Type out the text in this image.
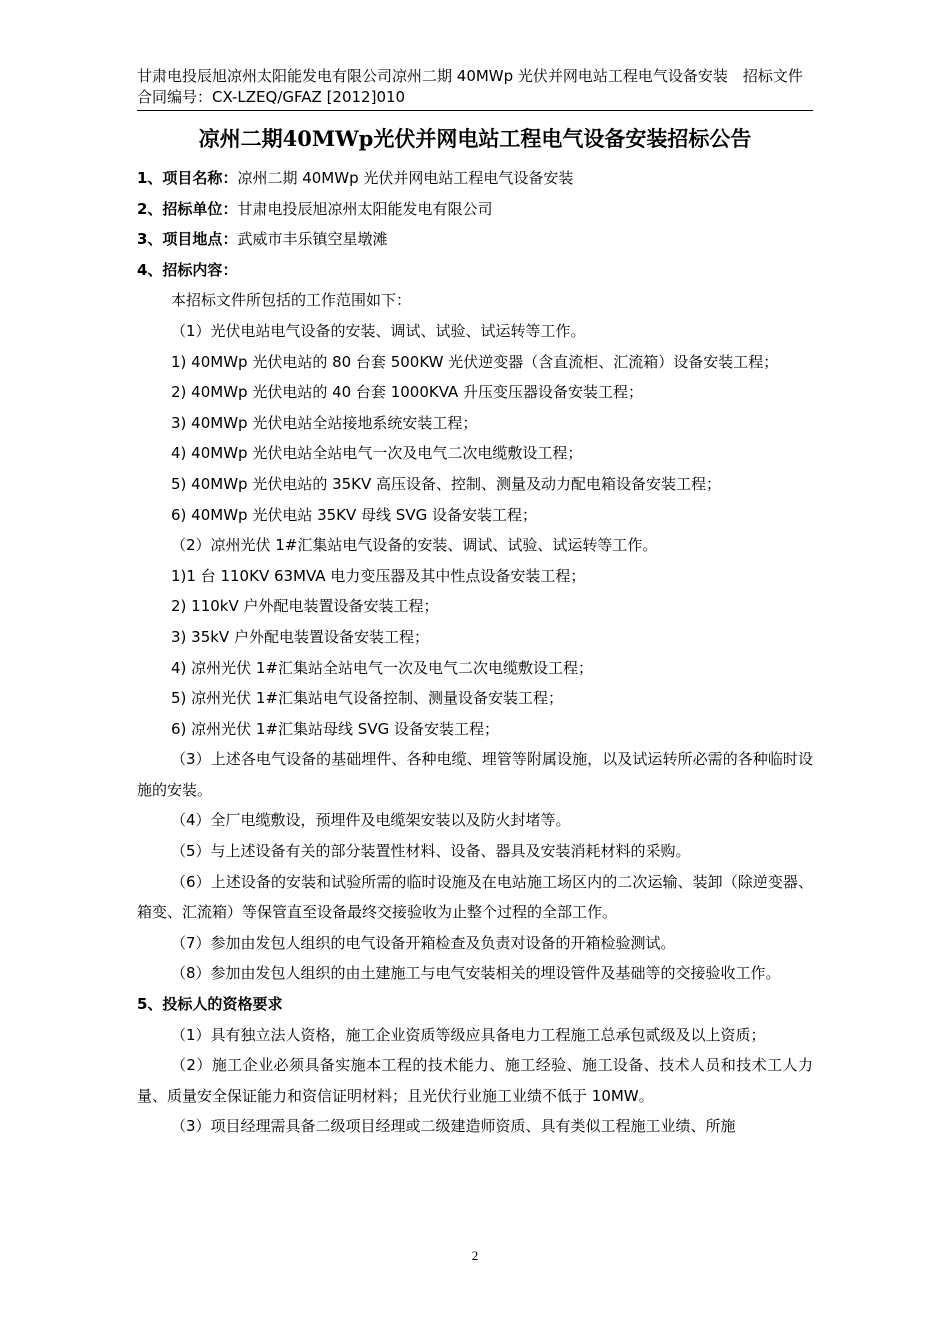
甘肃电投辰旭凉州太阳能发电有限公司凉州二期 40MWp 光伏并网电站工程电气设备安装　招标文件
合同编号：CX-LZEQ/GFAZ [2012]010
凉州二期40MWp光伏并网电站工程电气设备安装招标公告

1、项目名称：凉州二期 40MWp 光伏并网电站工程电气设备安装

2、招标单位：甘肃电投辰旭凉州太阳能发电有限公司

3、项目地点：武威市丰乐镇空星墩滩

4、招标内容：

本招标文件所包括的工作范围如下：

（1）光伏电站电气设备的安装、调试、试验、试运转等工作。

1) 40MWp 光伏电站的 80 台套 500KW 光伏逆变器（含直流柜、汇流箱）设备安装工程；

2) 40MWp 光伏电站的 40 台套 1000KVA 升压变压器设备安装工程；

3) 40MWp 光伏电站全站接地系统安装工程；

4) 40MWp 光伏电站全站电气一次及电气二次电缆敷设工程；

5) 40MWp 光伏电站的 35KV 高压设备、控制、测量及动力配电箱设备安装工程；

6) 40MWp 光伏电站 35KV 母线 SVG 设备安装工程；

（2）凉州光伏 1#汇集站电气设备的安装、调试、试验、试运转等工作。

1)1 台 110KV 63MVA 电力变压器及其中性点设备安装工程；

2) 110kV 户外配电装置设备安装工程；

3) 35kV 户外配电装置设备安装工程；

4) 凉州光伏 1#汇集站全站电气一次及电气二次电缆敷设工程；

5) 凉州光伏 1#汇集站电气设备控制、测量设备安装工程；

6) 凉州光伏 1#汇集站母线 SVG 设备安装工程；

（3）上述各电气设备的基础埋件、各种电缆、埋管等附属设施，以及试运转所必需的各种临时设施的安装。

（4）全厂电缆敷设，预埋件及电缆架安装以及防火封堵等。

（5）与上述设备有关的部分装置性材料、设备、器具及安装消耗材料的采购。

（6）上述设备的安装和试验所需的临时设施及在电站施工场区内的二次运输、装卸（除逆变器、箱变、汇流箱）等保管直至设备最终交接验收为止整个过程的全部工作。

（7）参加由发包人组织的电气设备开箱检查及负责对设备的开箱检验测试。

（8）参加由发包人组织的由土建施工与电气安装相关的埋设管件及基础等的交接验收工作。

5、投标人的资格要求

（1）具有独立法人资格，施工企业资质等级应具备电力工程施工总承包贰级及以上资质；

（2）施工企业必须具备实施本工程的技术能力、施工经验、施工设备、技术人员和技术工人力量、质量安全保证能力和资信证明材料；且光伏行业施工业绩不低于 10MW。

（3）项目经理需具备二级项目经理或二级建造师资质、具有类似工程施工业绩、所施

2
